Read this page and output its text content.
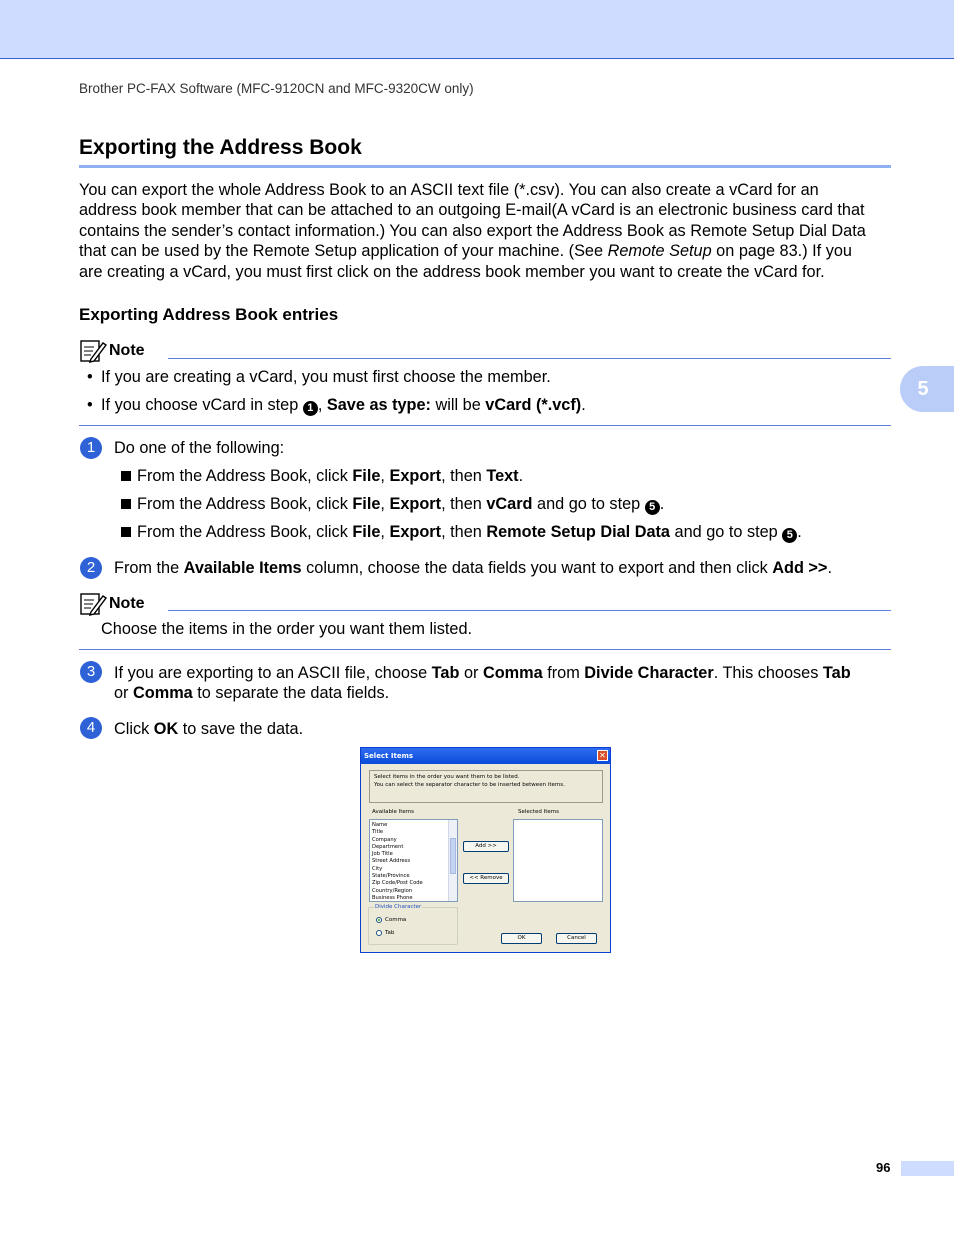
Brother PC-FAX Software (MFC-9120CN and MFC-9320CW only)
Exporting the Address Book
You can export the whole Address Book to an ASCII text file (*.csv). You can also create a vCard for an
address book member that can be attached to an outgoing E-mail(A vCard is an electronic business card that
contains the sender’s contact information.) You can also export the Address Book as Remote Setup Dial Data
that can be used by the Remote Setup application of your machine. (See Remote Setup on page 83.) If you
are creating a vCard, you must first click on the address book member you want to create the vCard for.
Exporting Address Book entries
Note
• If you are creating a vCard, you must first choose the member.
• If you choose vCard in step 1 , Save as type: will be vCard (*.vcf).
1	Do one of the following:
From the Address Book, click File, Export, then Text.
From the Address Book, click File, Export, then vCard and go to step 5 .
From the Address Book, click File, Export, then Remote Setup Dial Data and go to step 5 .
2	From the Available Items column, choose the data fields you want to export and then click Add >>.
Note
Choose the items in the order you want them listed.
3	If you are exporting to an ASCII file, choose Tab or Comma from Divide Character. This chooses Tab
or Comma to separate the data fields.
4	Click OK to save the data.
Select Items	✕
Select items in the order you want them to be listed.
You can select the separator character to be inserted between items.
Available Items	Selected Items
Name
Title
Company
Department
Job Title
Street Address
City
State/Province
Zip Code/Post Code
Country/Region
Business Phone
Add >>
<< Remove
Divide Character
Comma
Tab
OK	Cancel
5
96
